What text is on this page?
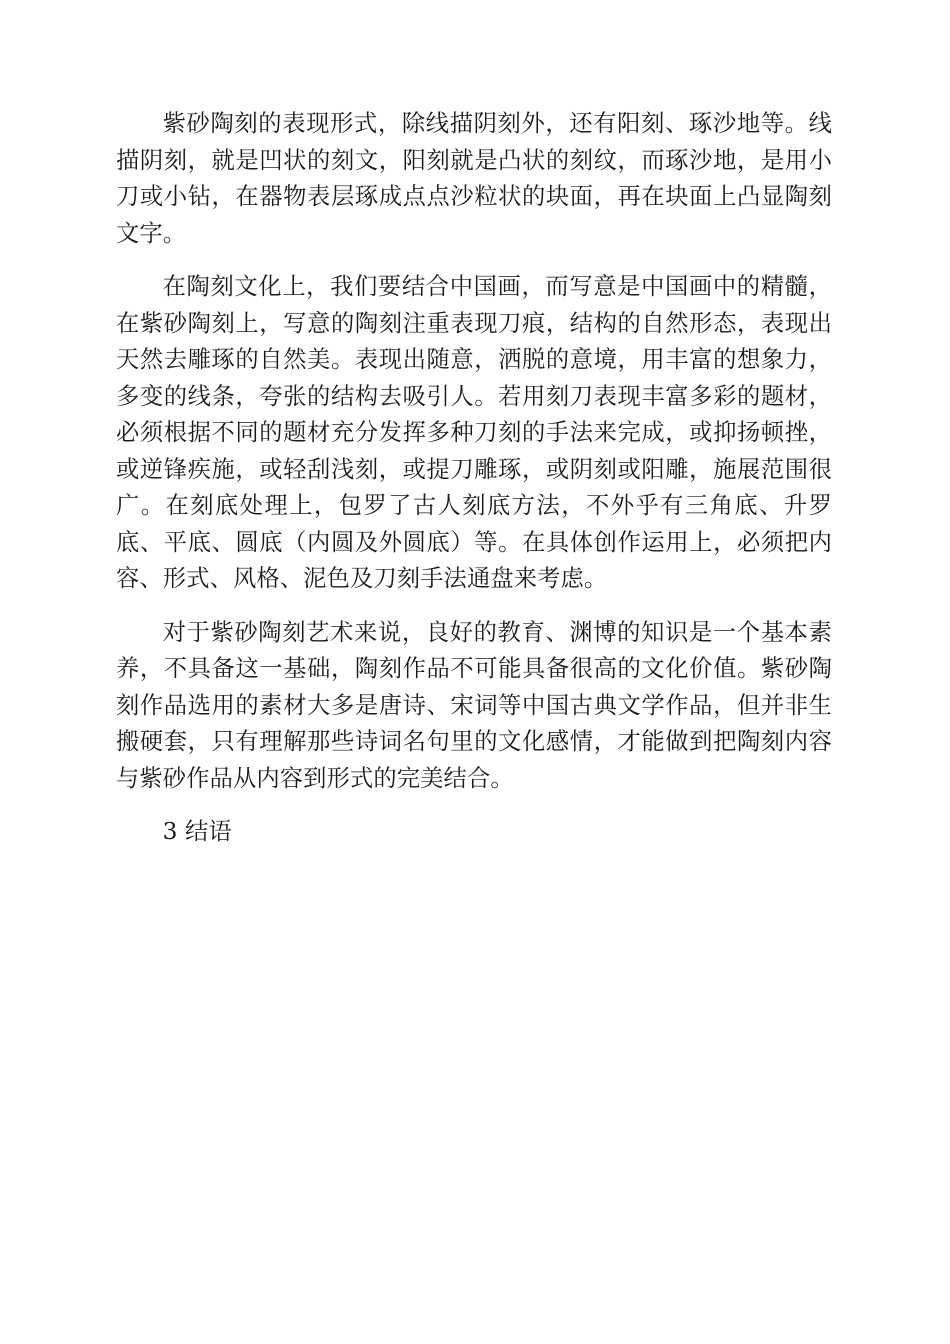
紫砂陶刻的表现形式，除线描阴刻外，还有阳刻、琢沙地等。线描阴刻，就是凹状的刻文，阳刻就是凸状的刻纹，而琢沙地，是用小刀或小钻，在器物表层琢成点点沙粒状的块面，再在块面上凸显陶刻文字。

在陶刻文化上，我们要结合中国画，而写意是中国画中的精髓，在紫砂陶刻上，写意的陶刻注重表现刀痕，结构的自然形态，表现出天然去雕琢的自然美。表现出随意，洒脱的意境，用丰富的想象力，多变的线条，夸张的结构去吸引人。若用刻刀表现丰富多彩的题材，必须根据不同的题材充分发挥多种刀刻的手法来完成，或抑扬顿挫，或逆锋疾施，或轻刮浅刻，或提刀雕琢，或阴刻或阳雕，施展范围很广。在刻底处理上，包罗了古人刻底方法，不外乎有三角底、升罗底、平底、圆底（内圆及外圆底）等。在具体创作运用上，必须把内容、形式、风格、泥色及刀刻手法通盘来考虑。

对于紫砂陶刻艺术来说，良好的教育、渊博的知识是一个基本素养，不具备这一基础，陶刻作品不可能具备很高的文化价值。紫砂陶刻作品选用的素材大多是唐诗、宋词等中国古典文学作品，但并非生搬硬套，只有理解那些诗词名句里的文化感情，才能做到把陶刻内容与紫砂作品从内容到形式的完美结合。

3 结语
